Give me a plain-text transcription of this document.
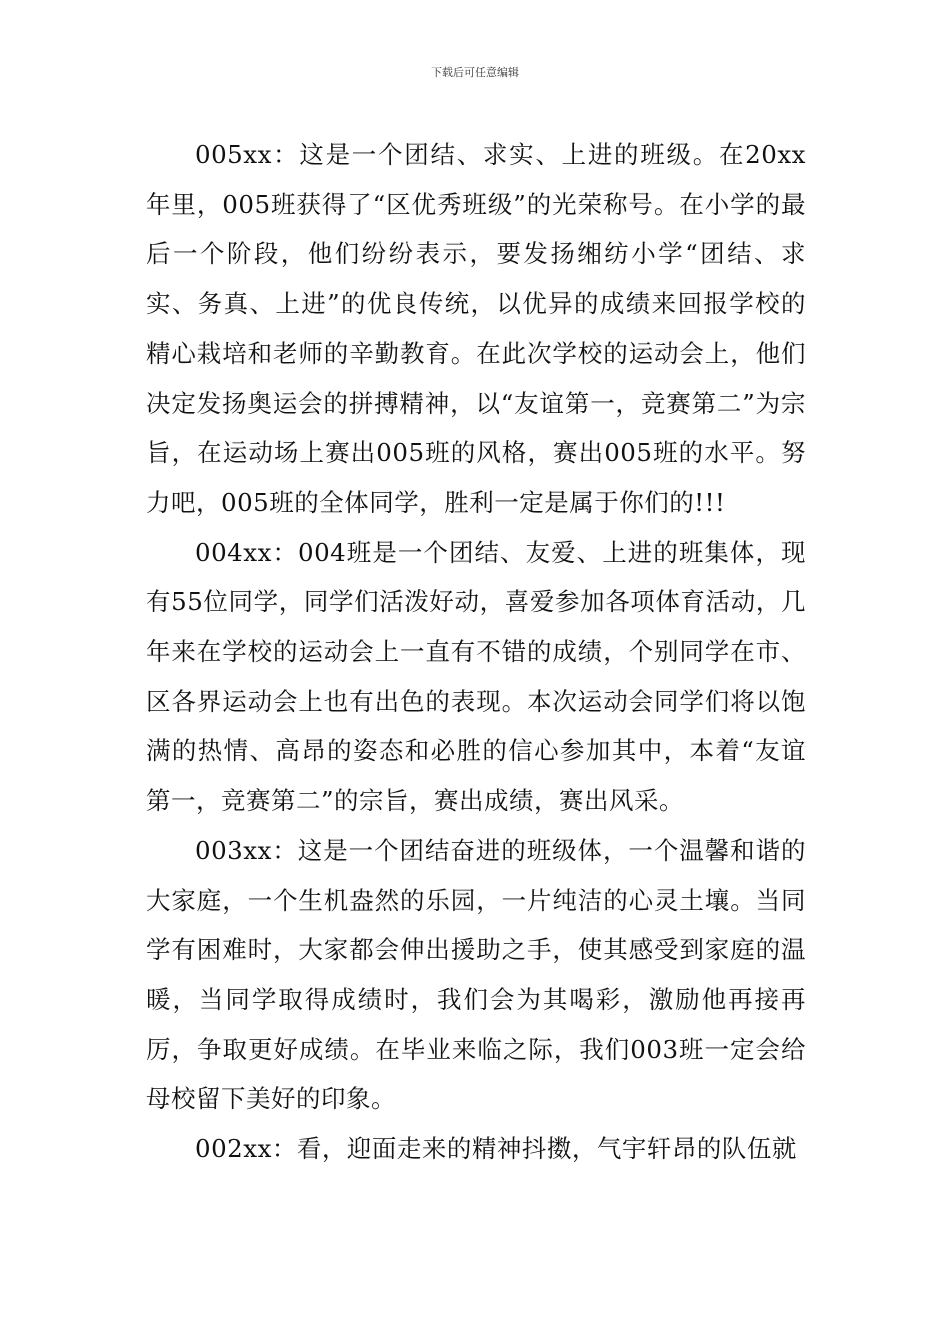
下载后可任意编辑

005xx：这是一个团结、求实、上进的班级。在20xx年里，005班获得了“区优秀班级”的光荣称号。在小学的最后一个阶段，他们纷纷表示，要发扬缃纺小学“团结、求实、务真、上进”的优良传统，以优异的成绩来回报学校的精心栽培和老师的辛勤教育。在此次学校的运动会上，他们决定发扬奥运会的拼搏精神，以“友谊第一，竞赛第二”为宗旨，在运动场上赛出005班的风格，赛出005班的水平。努力吧，005班的全体同学，胜利一定是属于你们的!!!

004xx：004班是一个团结、友爱、上进的班集体，现有55位同学，同学们活泼好动，喜爱参加各项体育活动，几年来在学校的运动会上一直有不错的成绩，个别同学在市、区各界运动会上也有出色的表现。本次运动会同学们将以饱满的热情、高昂的姿态和必胜的信心参加其中，本着“友谊第一，竞赛第二”的宗旨，赛出成绩，赛出风采。

003xx：这是一个团结奋进的班级体，一个温馨和谐的大家庭，一个生机盎然的乐园，一片纯洁的心灵土壤。当同学有困难时，大家都会伸出援助之手，使其感受到家庭的温暖，当同学取得成绩时，我们会为其喝彩，激励他再接再厉，争取更好成绩。在毕业来临之际，我们003班一定会给母校留下美好的印象。

002xx：看，迎面走来的精神抖擞，气宇轩昂的队伍就
